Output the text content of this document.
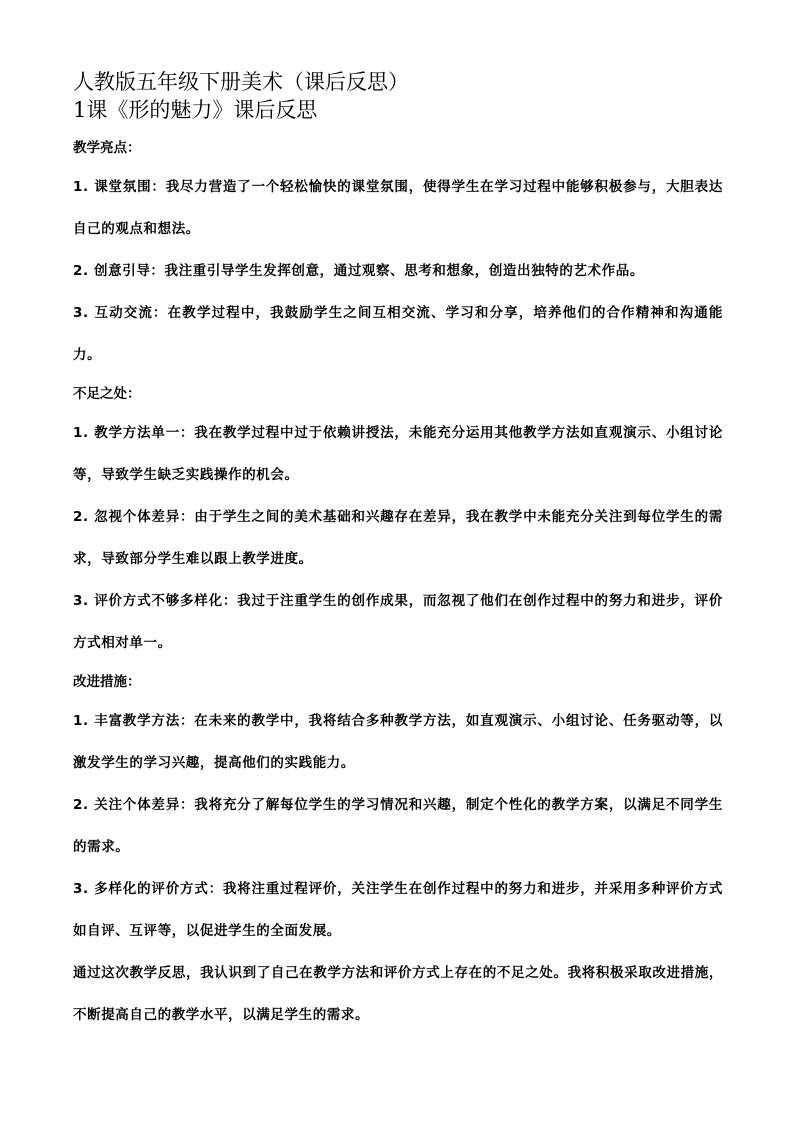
人教版五年级下册美术（课后反思）
1课《形的魅力》课后反思

教学亮点：

1. 课堂氛围：我尽力营造了一个轻松愉快的课堂氛围，使得学生在学习过程中能够积极参与，大胆表达自己的观点和想法。

2. 创意引导：我注重引导学生发挥创意，通过观察、思考和想象，创造出独特的艺术作品。

3. 互动交流：在教学过程中，我鼓励学生之间互相交流、学习和分享，培养他们的合作精神和沟通能力。

不足之处：

1. 教学方法单一：我在教学过程中过于依赖讲授法，未能充分运用其他教学方法如直观演示、小组讨论等，导致学生缺乏实践操作的机会。

2. 忽视个体差异：由于学生之间的美术基础和兴趣存在差异，我在教学中未能充分关注到每位学生的需求，导致部分学生难以跟上教学进度。

3. 评价方式不够多样化：我过于注重学生的创作成果，而忽视了他们在创作过程中的努力和进步，评价方式相对单一。

改进措施：

1. 丰富教学方法：在未来的教学中，我将结合多种教学方法，如直观演示、小组讨论、任务驱动等，以激发学生的学习兴趣，提高他们的实践能力。

2. 关注个体差异：我将充分了解每位学生的学习情况和兴趣，制定个性化的教学方案，以满足不同学生的需求。

3. 多样化的评价方式：我将注重过程评价，关注学生在创作过程中的努力和进步，并采用多种评价方式如自评、互评等，以促进学生的全面发展。

通过这次教学反思，我认识到了自己在教学方法和评价方式上存在的不足之处。我将积极采取改进措施，不断提高自己的教学水平，以满足学生的需求。
